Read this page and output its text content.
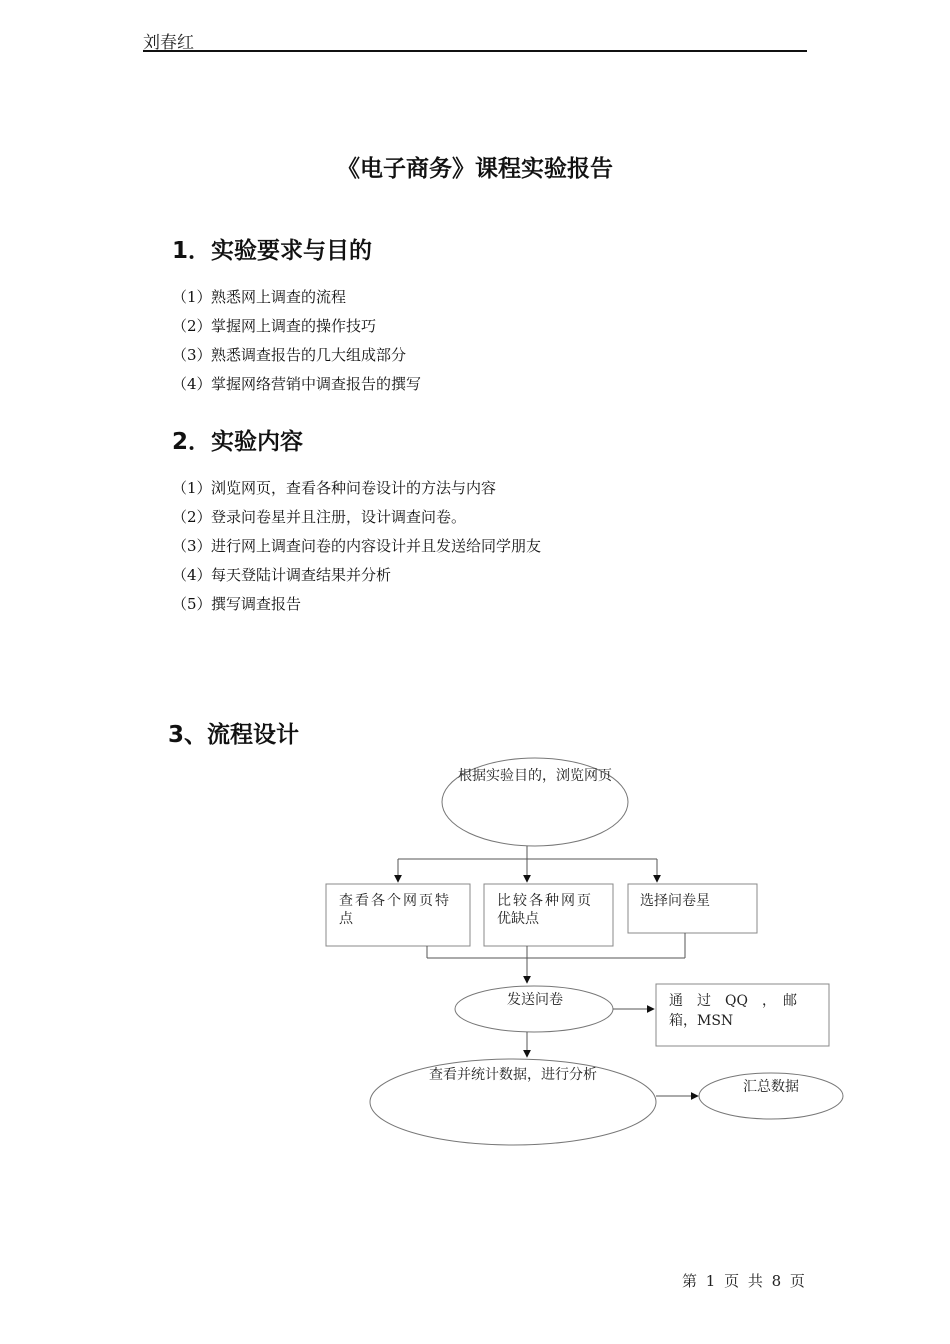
刘春红
《电子商务》课程实验报告
1．实验要求与目的
（1）熟悉网上调查的流程
（2）掌握网上调查的操作技巧
（3）熟悉调查报告的几大组成部分
（4）掌握网络营销中调查报告的撰写
2．实验内容
（1）浏览网页，查看各种问卷设计的方法与内容
（2）登录问卷星并且注册，设计调查问卷。
（3）进行网上调查问卷的内容设计并且发送给同学朋友
（4）每天登陆计调查结果并分析
（5）撰写调查报告
3、流程设计
根据实验目的，浏览网页
查看各个网页特
点
比较各种网页
优缺点
选择问卷星
发送问卷	通　过　QQ　，　邮
箱，MSN
查看并统计数据，进行分析
汇总数据
第 1 页 共 8 页
